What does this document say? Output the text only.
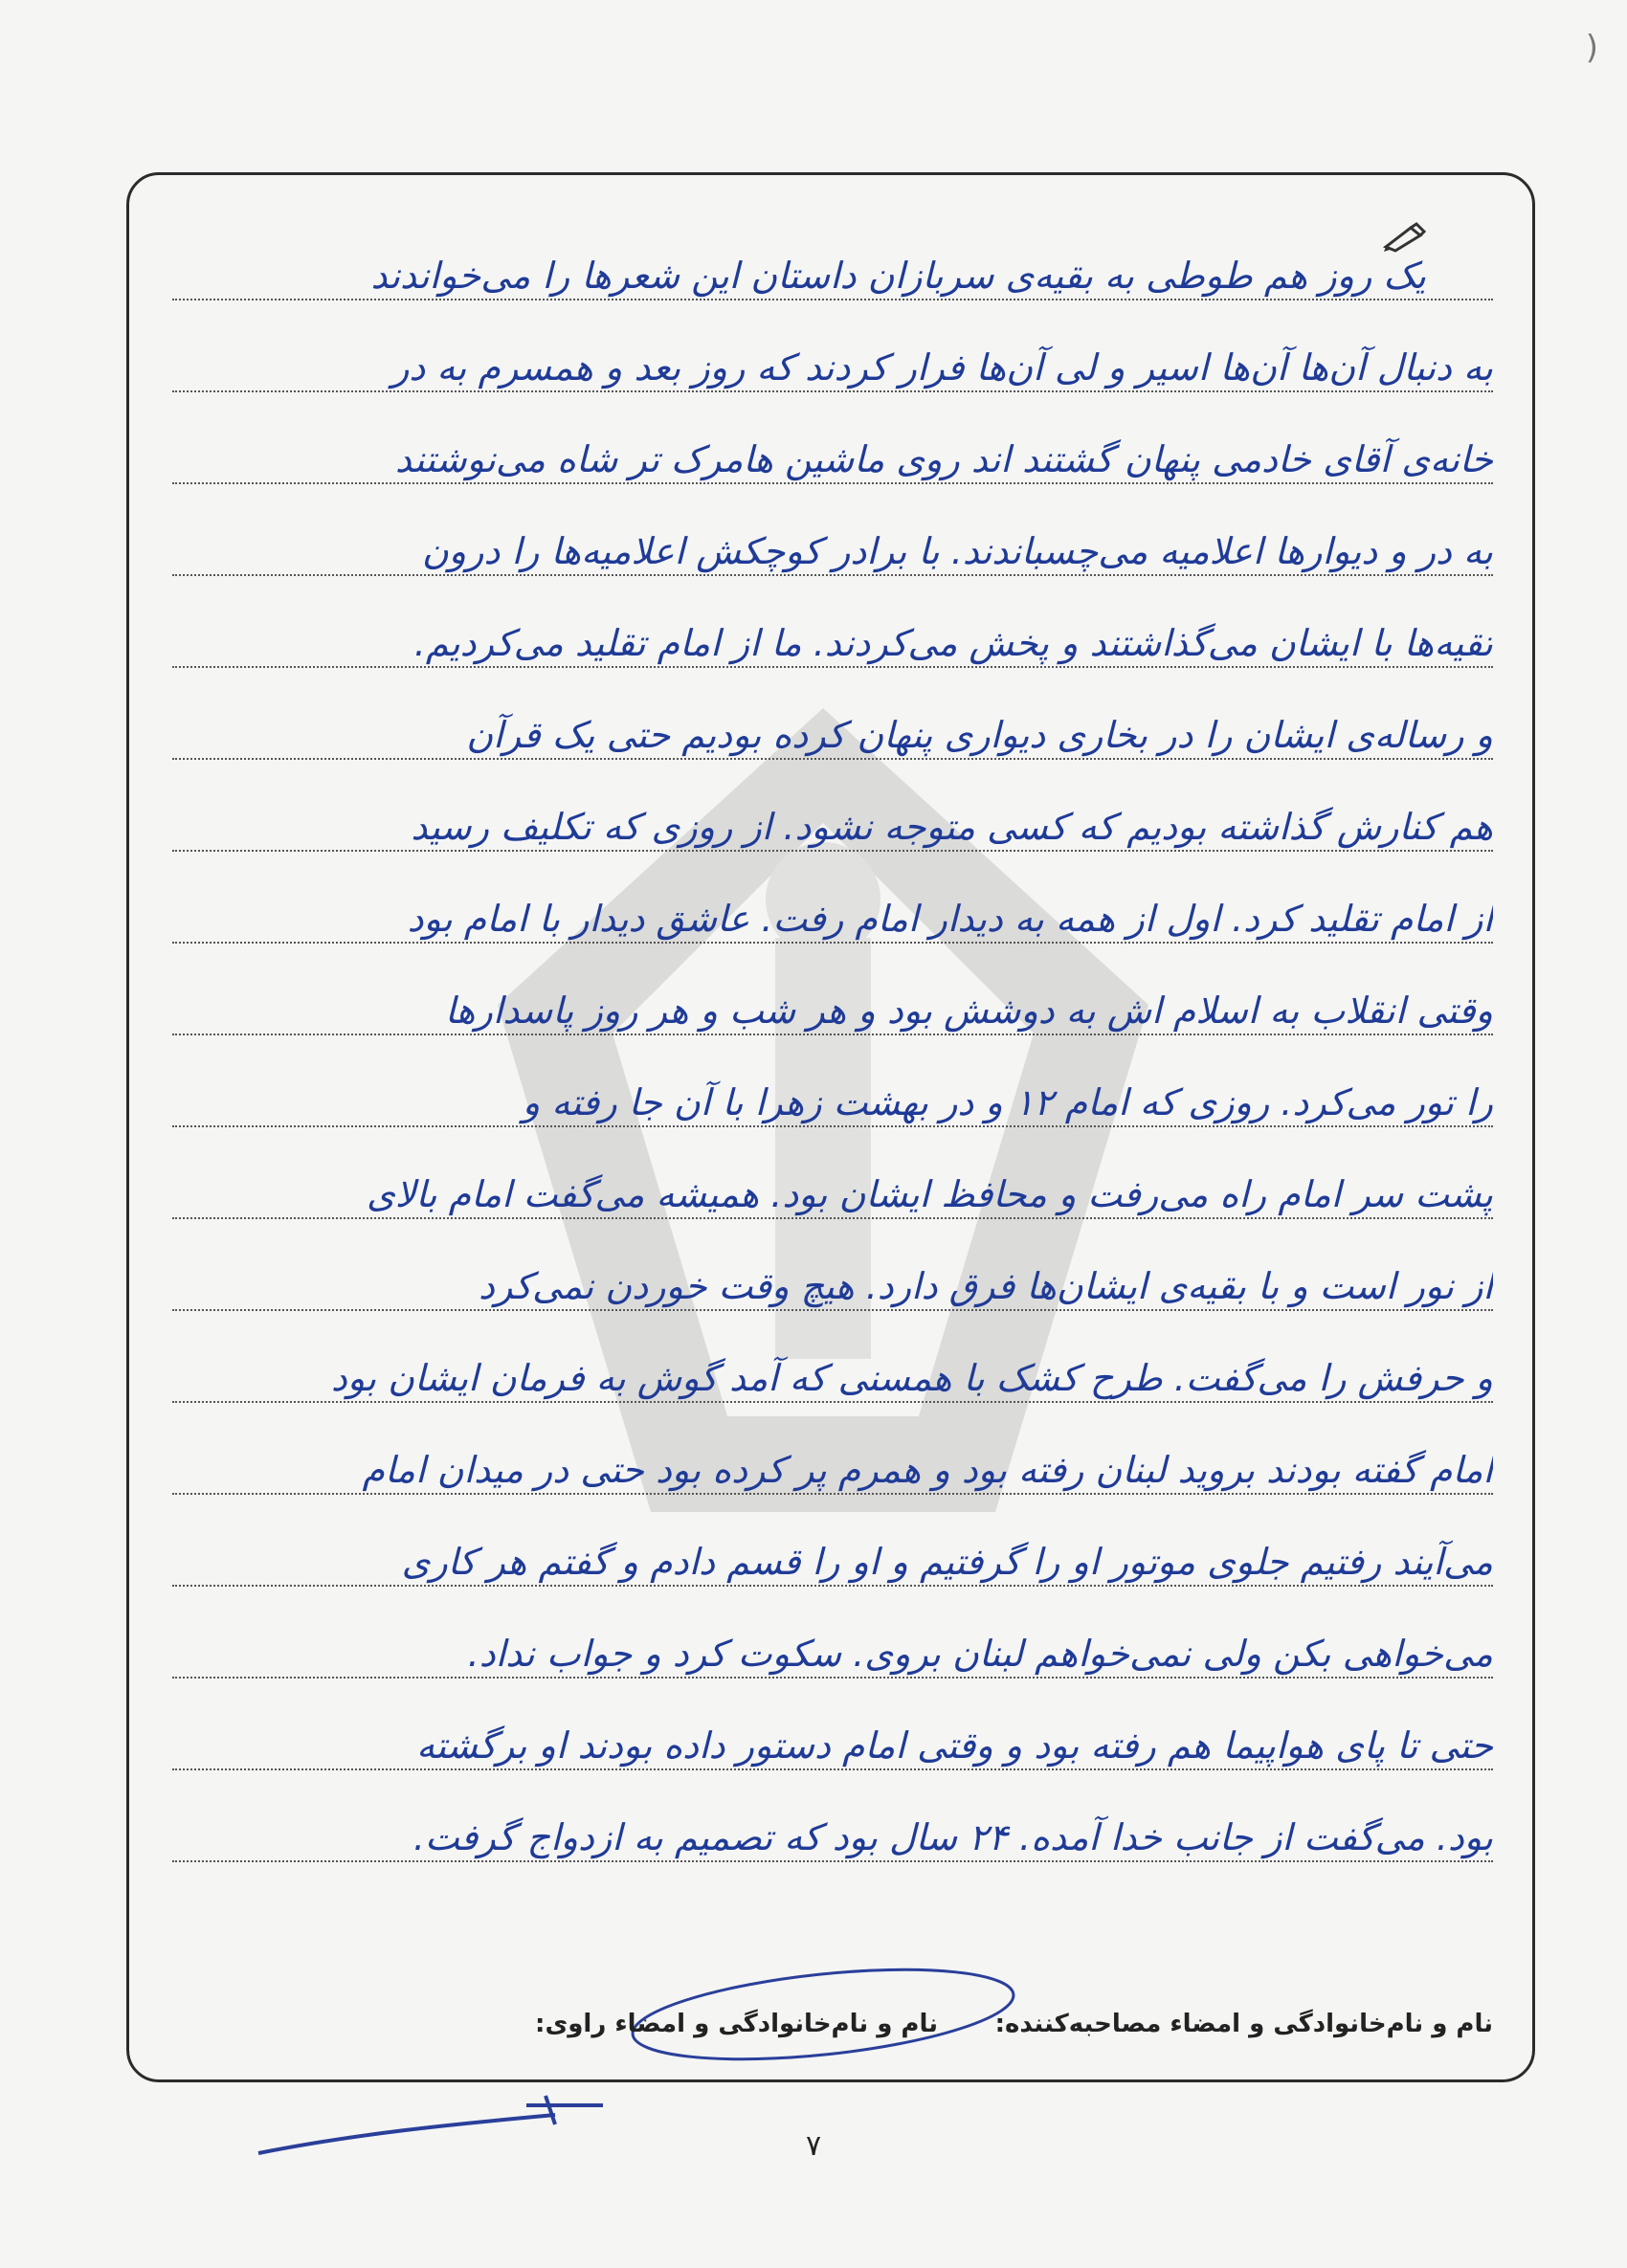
)
یک روز هم طوطی به بقیه‌ی سربازان داستان این شعرها را می‌خواندند
به دنبال آن‌ها آن‌ها اسیر و لی آن‌ها فرار کردند که روز بعد و همسرم به در
خانه‌ی آقای خادمی پنهان گشتند اند روی ماشین هامرک تر شاه می‌نوشتند
به در و دیوارها اعلامیه می‌چسباندند. با برادر کوچکش اعلامیه‌ها را درون
تقیه‌ها با ایشان می‌گذاشتند و پخش می‌کردند. ما از امام تقلید می‌کردیم.
و رساله‌ی ایشان را در بخاری دیواری پنهان کرده بودیم حتی یک قرآن
هم کنارش گذاشته بودیم که کسی متوجه نشود. از روزی که تکلیف رسید
از امام تقلید کرد. اول از همه به دیدار امام رفت. عاشق دیدار با امام بود
وقتی انقلاب به اسلام اش به دوشش بود و هر شب و هر روز پاسدارها
را تور می‌کرد. روزی که امام ۱۲ و در بهشت زهرا با آن جا رفته و
پشت سر امام راه می‌رفت و محافظ ایشان بود. همیشه می‌گفت امام بالای
از نور است و با بقیه‌ی ایشان‌ها فرق دارد. هیچ وقت خوردن نمی‌کرد
و حرفش را می‌گفت. طرح کشک با همسنی که آمد گوش به فرمان ایشان بود
امام گفته بودند بروید لبنان رفته بود و همرم پر کرده بود حتی در میدان امام
می‌آیند رفتیم جلوی موتور او را گرفتیم و او را قسم دادم و گفتم هر کاری
می‌خواهی بکن ولی نمی‌خواهم لبنان بروی. سکوت کرد و جواب نداد.
حتی تا پای هواپیما هم رفته بود و وقتی امام دستور داده بودند او برگشته
بود. می‌گفت از جانب خدا آمده. ۲۴ سال بود که تصمیم به ازدواج گرفت.
نام و نام‌خانوادگی و امضاء مصاحبه‌کننده:
نام و نام‌خانوادگی و امضاء راوی:
۷
